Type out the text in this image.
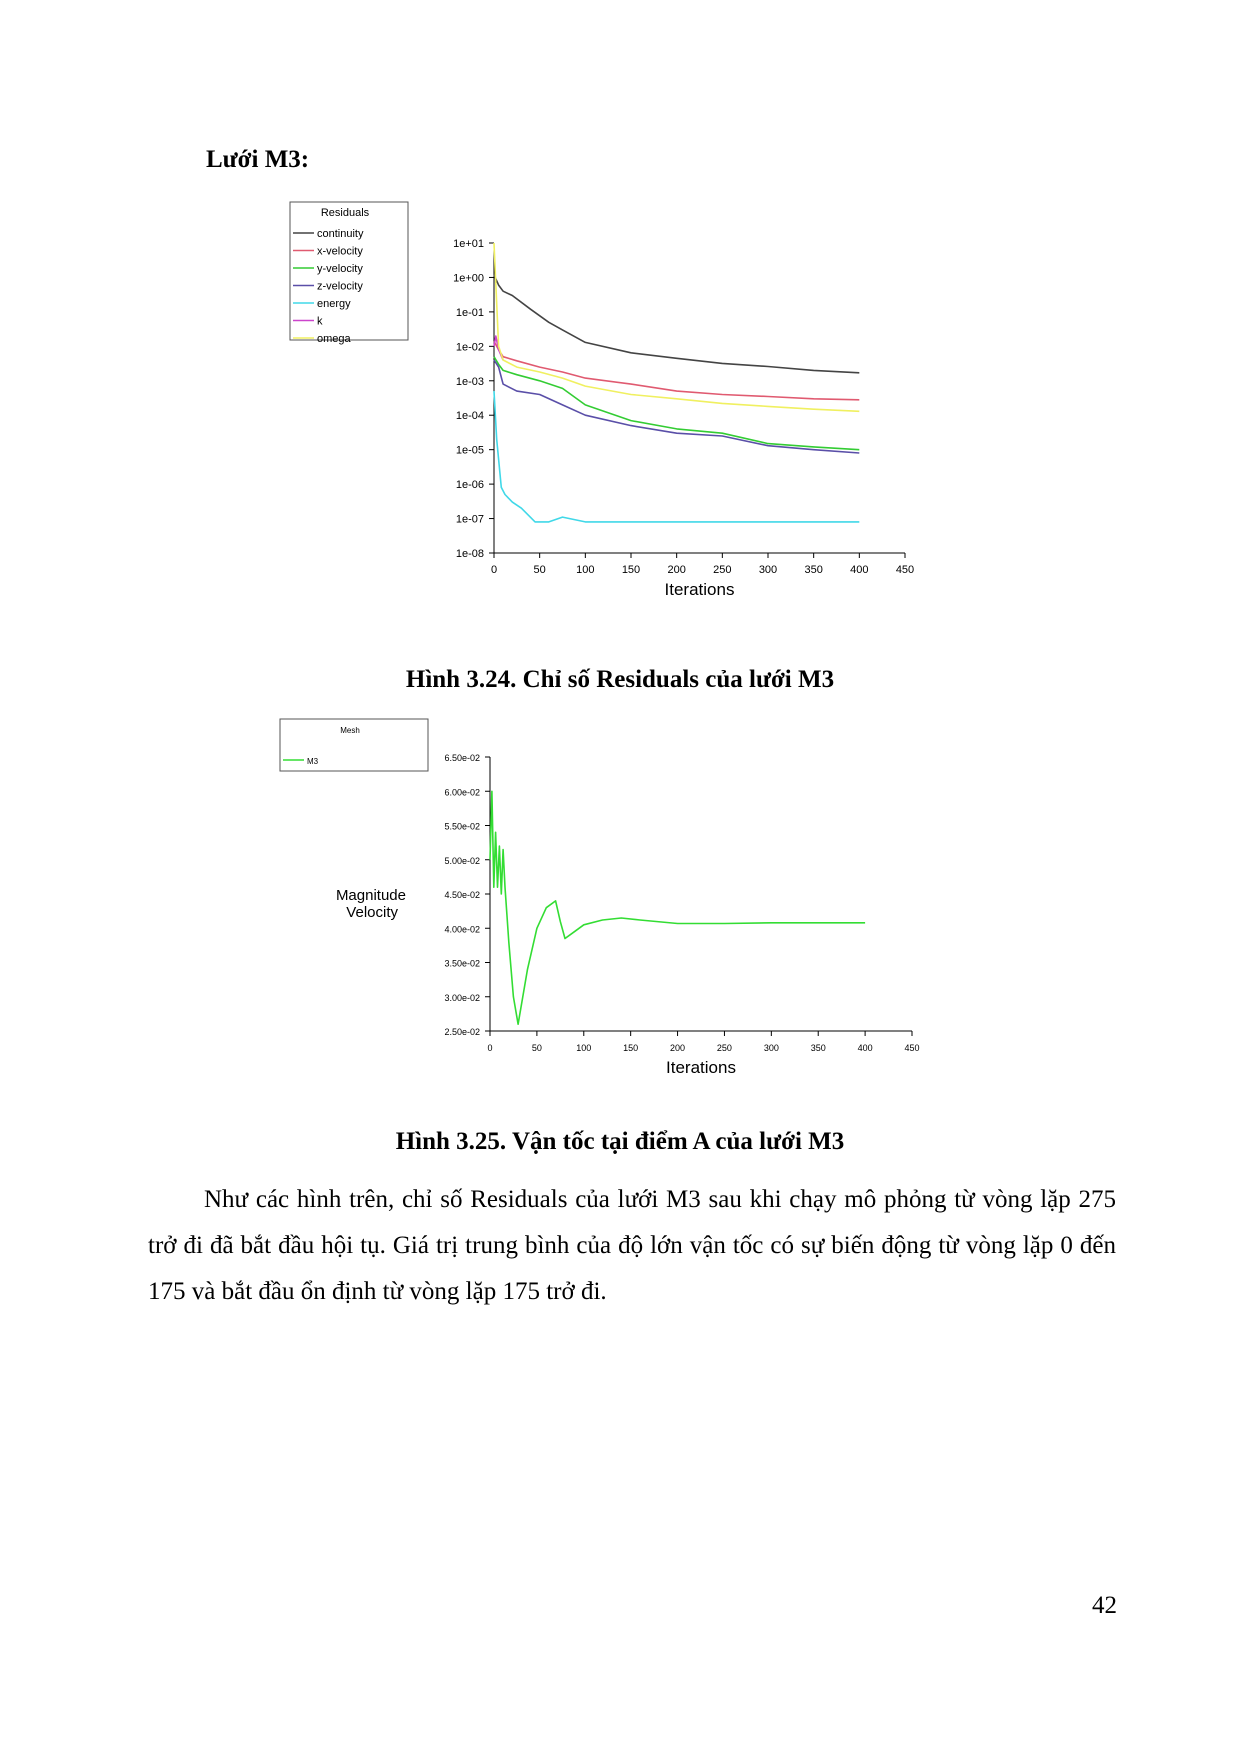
Lưới M3:
0	50	100 150 200 250 300 350 400 450
1e+01
1e+00
1e-01
1e-02
1e-03
1e-04
1e-05
1e-06
1e-07
1e-08
Iterations
Residuals
continuity
x-velocity
y-velocity
z-velocity
energy
k
omega
Hình 3.24. Chỉ số Residuals của lưới M3
0	50	100	150	200	250	300	350	400	450
6.50e-02
6.00e-02
5.50e-02
5.00e-02
4.50e-02
4.00e-02
3.50e-02
3.00e-02
2.50e-02
Iterations
Magnitude Velocity
Mesh
M3
Hình 3.25. Vận tốc tại điểm A của lưới M3
Như các hình trên, chỉ số Residuals của lưới M3 sau khi chạy mô phỏng từ vòng lặp 275 trở đi đã bắt đầu hội tụ. Giá trị trung bình của độ lớn vận tốc có sự biến động từ vòng lặp 0 đến 175 và bắt đầu ổn định từ vòng lặp 175 trở đi.
42
